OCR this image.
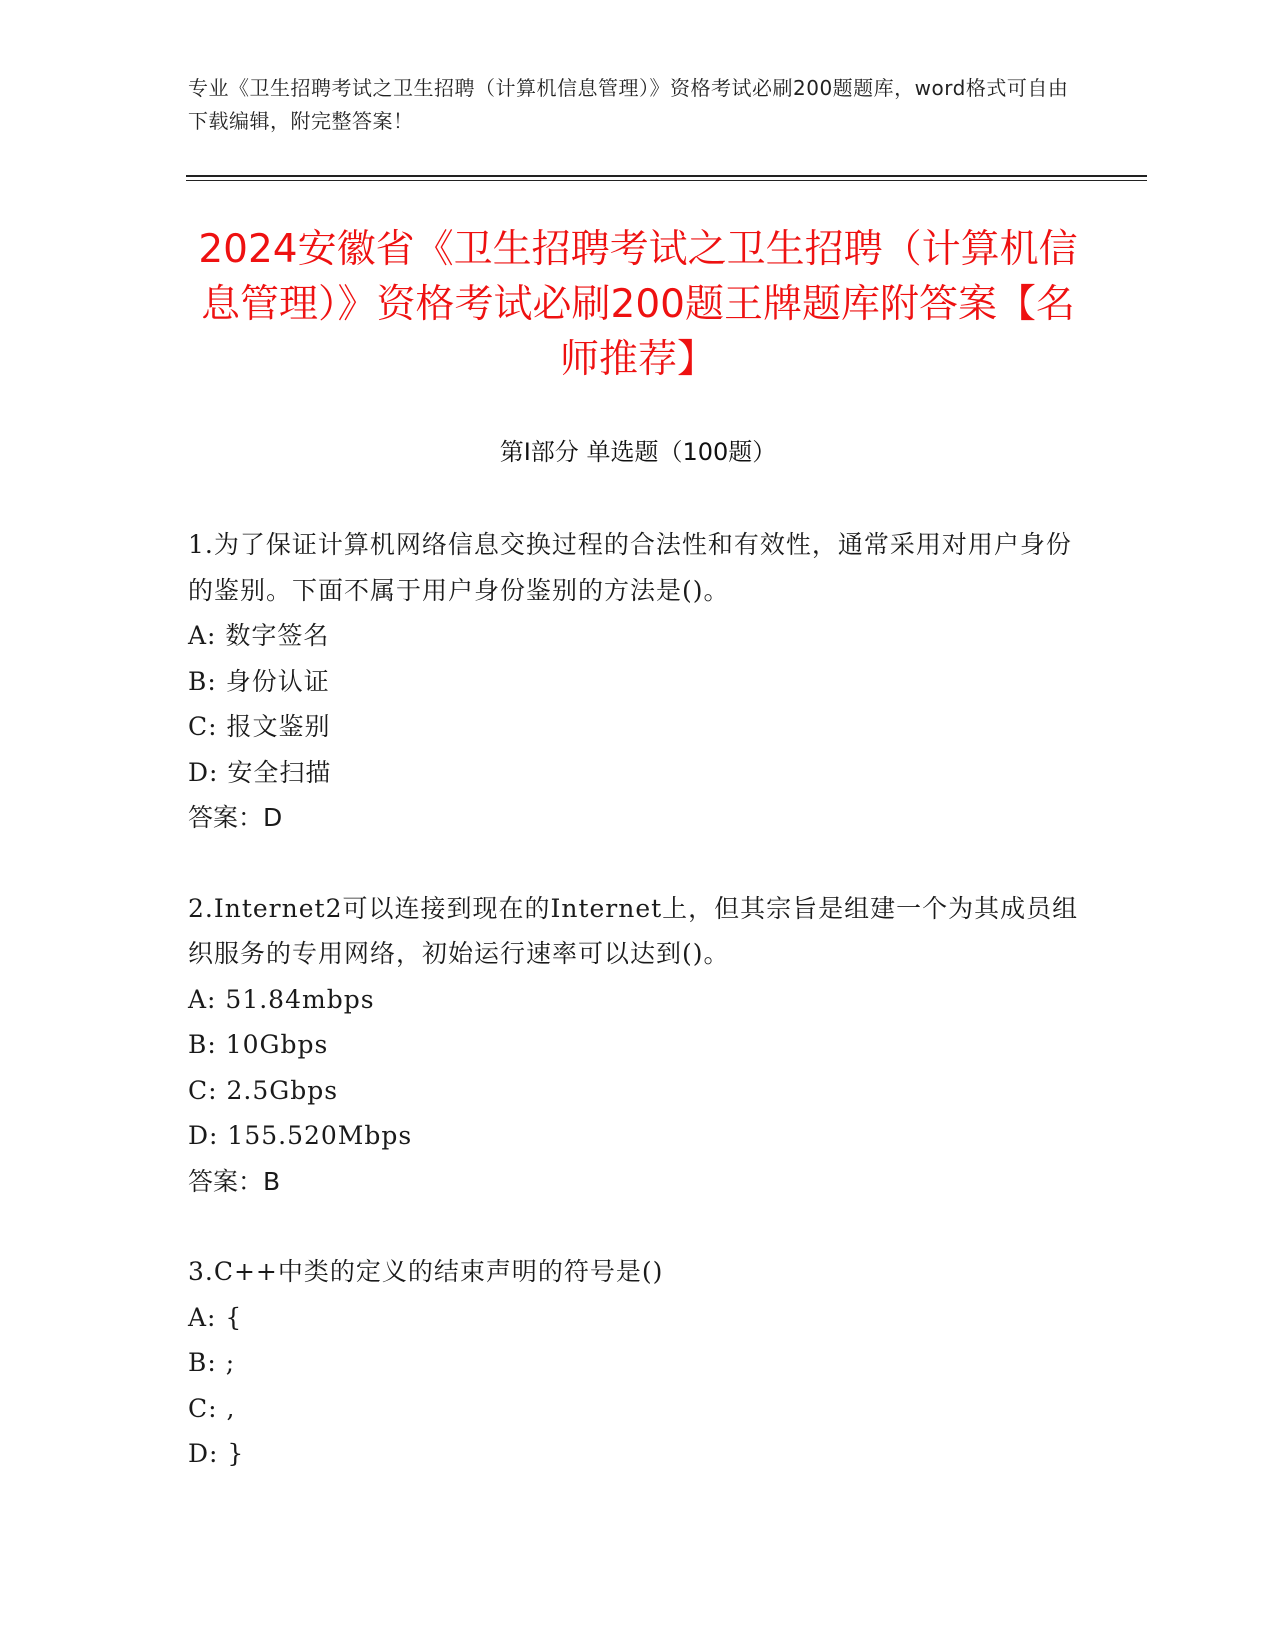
专业《卫生招聘考试之卫生招聘（计算机信息管理）》资格考试必刷200题题库，word格式可自由下载编辑，附完整答案！
2024安徽省《卫生招聘考试之卫生招聘（计算机信息管理）》资格考试必刷200题王牌题库附答案【名师推荐】
第Ⅰ部分 单选题（100题）

1.为了保证计算机网络信息交换过程的合法性和有效性，通常采用对用户身份的鉴别。下面不属于用户身份鉴别的方法是()。

A: 数字签名

B: 身份认证

C: 报文鉴别

D: 安全扫描

答案：D

2.Internet2可以连接到现在的Internet上，但其宗旨是组建一个为其成员组织服务的专用网络，初始运行速率可以达到()。

A: 51.84mbps

B: 10Gbps

C: 2.5Gbps

D: 155.520Mbps

答案：B

3.C++中类的定义的结束声明的符号是()

A: {

B: ;

C: ,

D: }
